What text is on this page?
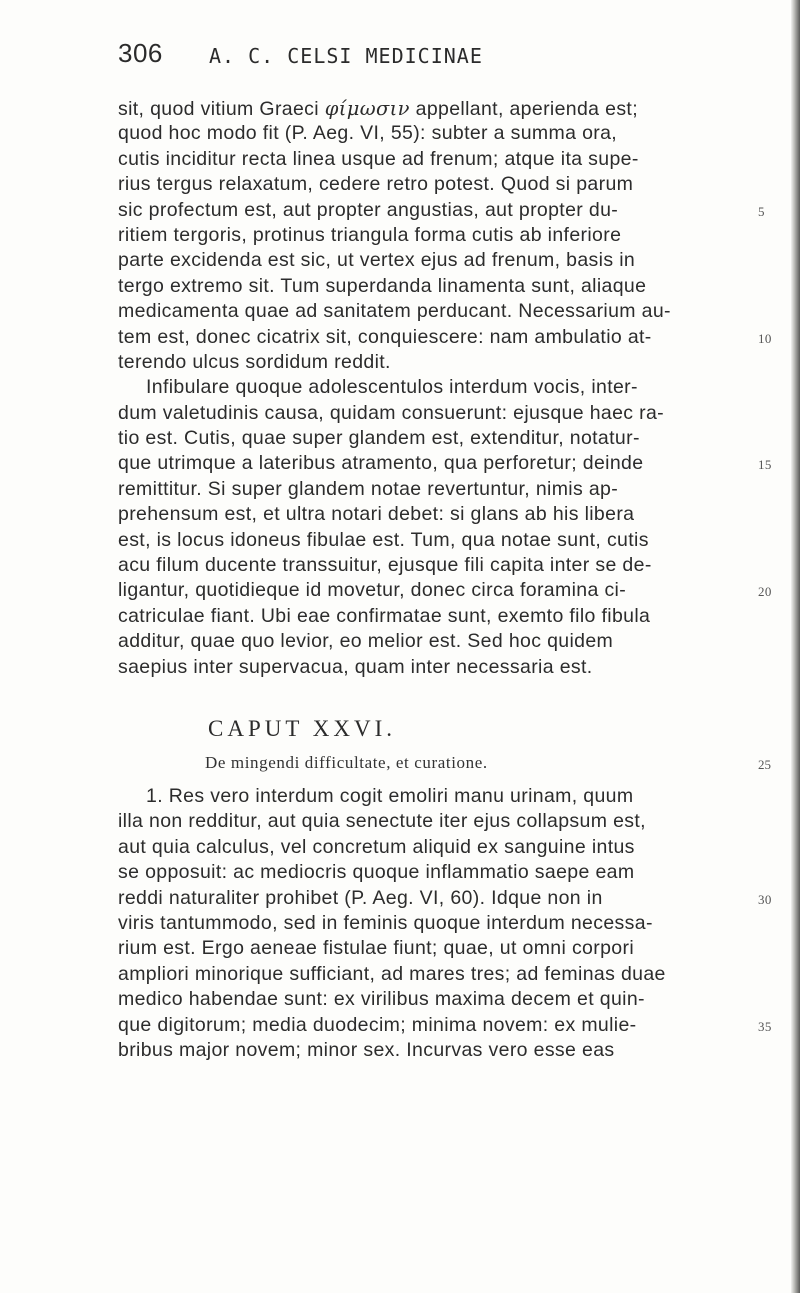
306 A. C. CELSI MEDICINAE
sit, quod vitium Graeci φίμωσιν appellant, aperienda est;
quod hoc modo fit (P. Aeg. VI, 55): subter a summa ora,
cutis inciditur recta linea usque ad frenum; atque ita supe-
rius tergus relaxatum, cedere retro potest. Quod si parum
sic profectum est, aut propter angustias, aut propter du-	5
ritiem tergoris, protinus triangula forma cutis ab inferiore
parte excidenda est sic, ut vertex ejus ad frenum, basis in
tergo extremo sit. Tum superdanda linamenta sunt, aliaque
medicamenta quae ad sanitatem perducant. Necessarium au-
tem est, donec cicatrix sit, conquiescere: nam ambulatio at-	10
terendo ulcus sordidum reddit.
Infibulare quoque adolescentulos interdum vocis, inter-
dum valetudinis causa, quidam consuerunt: ejusque haec ra-
tio est. Cutis, quae super glandem est, extenditur, notatur-
que utrimque a lateribus atramento, qua perforetur; deinde	15
remittitur. Si super glandem notae revertuntur, nimis ap-
prehensum est, et ultra notari debet: si glans ab his libera
est, is locus idoneus fibulae est. Tum, qua notae sunt, cutis
acu filum ducente transsuitur, ejusque fili capita inter se de-
ligantur, quotidieque id movetur, donec circa foramina ci-	20
catriculae fiant. Ubi eae confirmatae sunt, exemto filo fibula
additur, quae quo levior, eo melior est. Sed hoc quidem
saepius inter supervacua, quam inter necessaria est.
CAPUT XXVI.
De mingendi difficultate, et curatione.	25
1. Res vero interdum cogit emoliri manu urinam, quum
illa non redditur, aut quia senectute iter ejus collapsum est,
aut quia calculus, vel concretum aliquid ex sanguine intus
se opposuit: ac mediocris quoque inflammatio saepe eam
reddi naturaliter prohibet (P. Aeg. VI, 60). Idque non in	30
viris tantummodo, sed in feminis quoque interdum necessa-
rium est. Ergo aeneae fistulae fiunt; quae, ut omni corpori
ampliori minorique sufficiant, ad mares tres; ad feminas duae
medico habendae sunt: ex virilibus maxima decem et quin-
que digitorum; media duodecim; minima novem: ex mulie-	35
bribus major novem; minor sex. Incurvas vero esse eas
